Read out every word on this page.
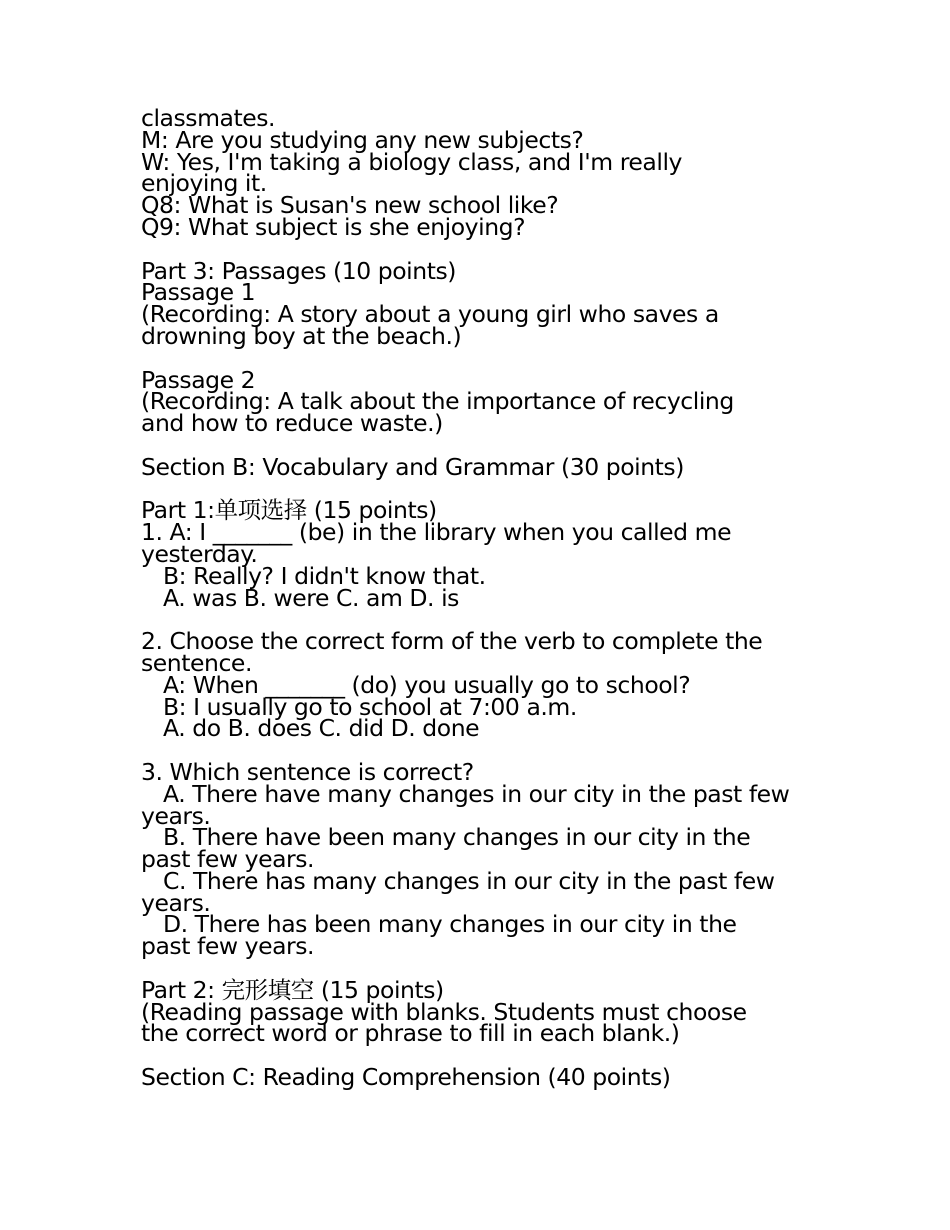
classmates.
M: Are you studying any new subjects?
W: Yes, I'm taking a biology class, and I'm really
enjoying it.
Q8: What is Susan's new school like?
Q9: What subject is she enjoying?
Part 3: Passages (10 points)
Passage 1
(Recording: A story about a young girl who saves a
drowning boy at the beach.)
Passage 2
(Recording: A talk about the importance of recycling
and how to reduce waste.)
Section B: Vocabulary and Grammar (30 points)
Part 1:单项选择 (15 points)
1. A: I _______ (be) in the library when you called me
yesterday.
B: Really? I didn't know that.
A. was B. were C. am D. is
2. Choose the correct form of the verb to complete the
sentence.
A: When _______ (do) you usually go to school?
B: I usually go to school at 7:00 a.m.
A. do B. does C. did D. done
3. Which sentence is correct?
A. There have many changes in our city in the past few
years.
B. There have been many changes in our city in the
past few years.
C. There has many changes in our city in the past few
years.
D. There has been many changes in our city in the
past few years.
Part 2: 完形填空 (15 points)
(Reading passage with blanks. Students must choose
the correct word or phrase to fill in each blank.)
Section C: Reading Comprehension (40 points)
